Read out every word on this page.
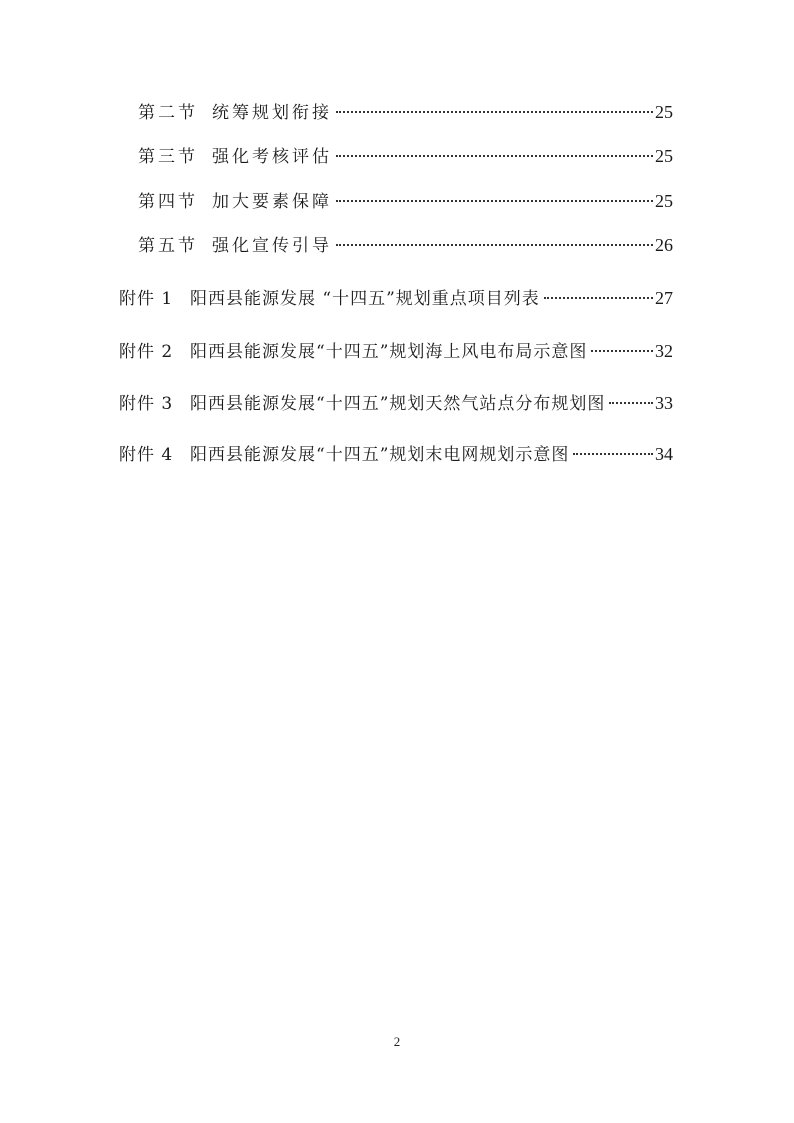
第二节 统筹规划衔接	25
第三节 强化考核评估	25
第四节 加大要素保障	25
第五节 强化宣传引导	26
附件 1 阳西县能源发展 “十四五”规划重点项目列表	27
附件 2 阳西县能源发展“十四五”规划海上风电布局示意图	32
附件 3 阳西县能源发展“十四五”规划天然气站点分布规划图	33
附件 4 阳西县能源发展“十四五”规划末电网规划示意图	34
2
